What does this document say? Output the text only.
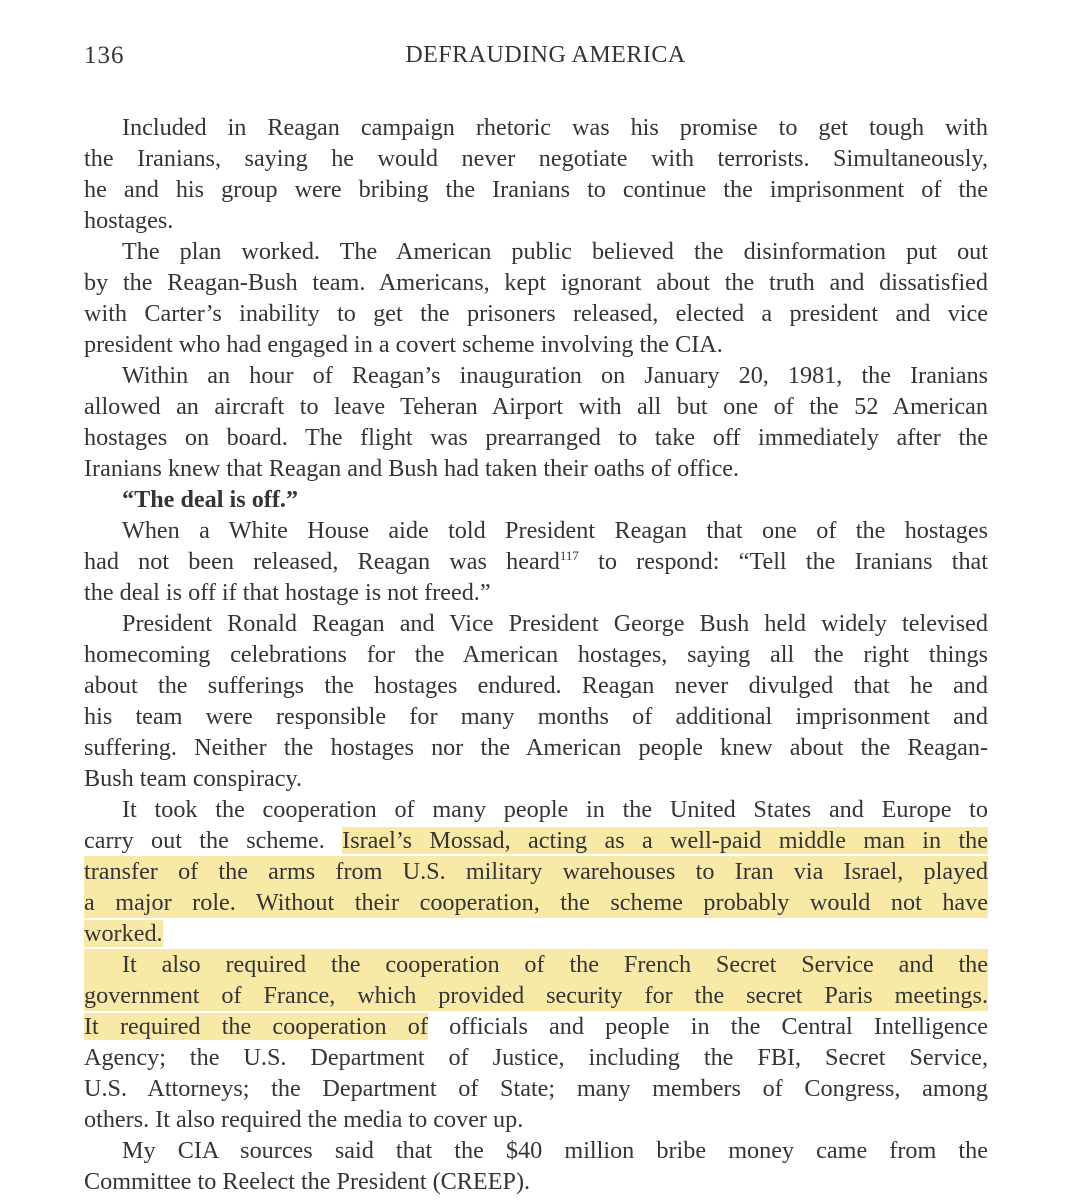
136	DEFRAUDING AMERICA
Included in Reagan campaign rhetoric was his promise to get tough with
the Iranians, saying he would never negotiate with terrorists. Simultaneously,
he and his group were bribing the Iranians to continue the imprisonment of the
hostages.
The plan worked. The American public believed the disinformation put out
by the Reagan-Bush team. Americans, kept ignorant about the truth and dissatisfied
with Carter’s inability to get the prisoners released, elected a president and vice
president who had engaged in a covert scheme involving the CIA.
Within an hour of Reagan’s inauguration on January 20, 1981, the Iranians
allowed an aircraft to leave Teheran Airport with all but one of the 52 American
hostages on board. The flight was prearranged to take off immediately after the
Iranians knew that Reagan and Bush had taken their oaths of office.
“The deal is off.”
When a White House aide told President Reagan that one of the hostages
had not been released, Reagan was heard$^{117}$ to respond: “Tell the Iranians that
the deal is off if that hostage is not freed.”
President Ronald Reagan and Vice President George Bush held widely televised
homecoming celebrations for the American hostages, saying all the right things
about the sufferings the hostages endured. Reagan never divulged that he and
his team were responsible for many months of additional imprisonment and
suffering. Neither the hostages nor the American people knew about the Reagan-
Bush team conspiracy.
It took the cooperation of many people in the United States and Europe to
carry out the scheme. Israel’s Mossad, acting as a well-paid middle man in the
transfer of the arms from U.S. military warehouses to Iran via Israel, played
a major role. Without their cooperation, the scheme probably would not have
worked.
It also required the cooperation of the French Secret Service and the
government of France, which provided security for the secret Paris meetings.
It required the cooperation of officials and people in the Central Intelligence
Agency; the U.S. Department of Justice, including the FBI, Secret Service,
U.S. Attorneys; the Department of State; many members of Congress, among
others. It also required the media to cover up.
My CIA sources said that the $40 million bribe money came from the
Committee to Reelect the President (CREEP).
